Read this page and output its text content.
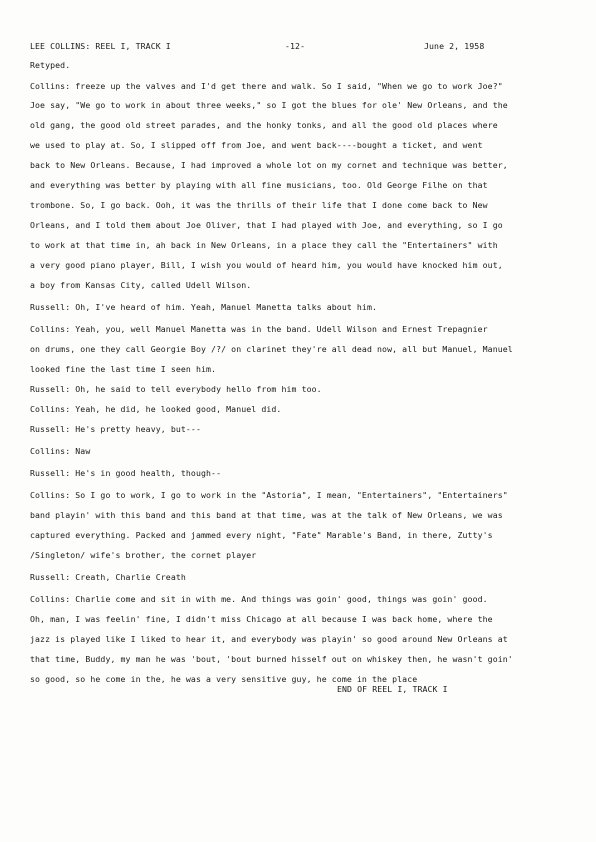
LEE COLLINS: REEL I, TRACK I	-12-	June 2, 1958
Retyped.
Collins: freeze up the valves and I'd get there and walk. So I said, "When we go to work Joe?"
Joe say, "We go to work in about three weeks," so I got the blues for ole' New Orleans, and the
old gang, the good old street parades, and the honky tonks, and all the good old places where
we used to play at. So, I slipped off from Joe, and went back----bought a ticket, and went
back to New Orleans. Because, I had improved a whole lot on my cornet and technique was better,
and everything was better by playing with all fine musicians, too. Old George Filhe on that
trombone. So, I go back. Ooh, it was the thrills of their life that I done come back to New
Orleans, and I told them about Joe Oliver, that I had played with Joe, and everything, so I go
to work at that time in, ah back in New Orleans, in a place they call the "Entertainers" with
a very good piano player, Bill, I wish you would of heard him, you would have knocked him out,
a boy from Kansas City, called Udell Wilson.
Russell: Oh, I've heard of him. Yeah, Manuel Manetta talks about him.
Collins: Yeah, you, well Manuel Manetta was in the band. Udell Wilson and Ernest Trepagnier
on drums, one they call Georgie Boy /?/ on clarinet they're all dead now, all but Manuel, Manuel
looked fine the last time I seen him.
Russell: Oh, he said to tell everybody hello from him too.
Collins: Yeah, he did, he looked good, Manuel did.
Russell: He's pretty heavy, but---
Collins: Naw
Russell: He's in good health, though--
Collins: So I go to work, I go to work in the "Astoria", I mean, "Entertainers", "Entertainers"
band playin' with this band and this band at that time, was at the talk of New Orleans, we was
captured everything. Packed and jammed every night, "Fate" Marable's Band, in there, Zutty's
/Singleton/ wife's brother, the cornet player
Russell: Creath, Charlie Creath
Collins: Charlie come and sit in with me. And things was goin' good, things was goin' good.
Oh, man, I was feelin' fine, I didn't miss Chicago at all because I was back home, where the
jazz is played like I liked to hear it, and everybody was playin' so good around New Orleans at
that time, Buddy, my man he was 'bout, 'bout burned hisself out on whiskey then, he wasn't goin'
so good, so he come in the, he was a very sensitive guy, he come in the place
END OF REEL I, TRACK I
